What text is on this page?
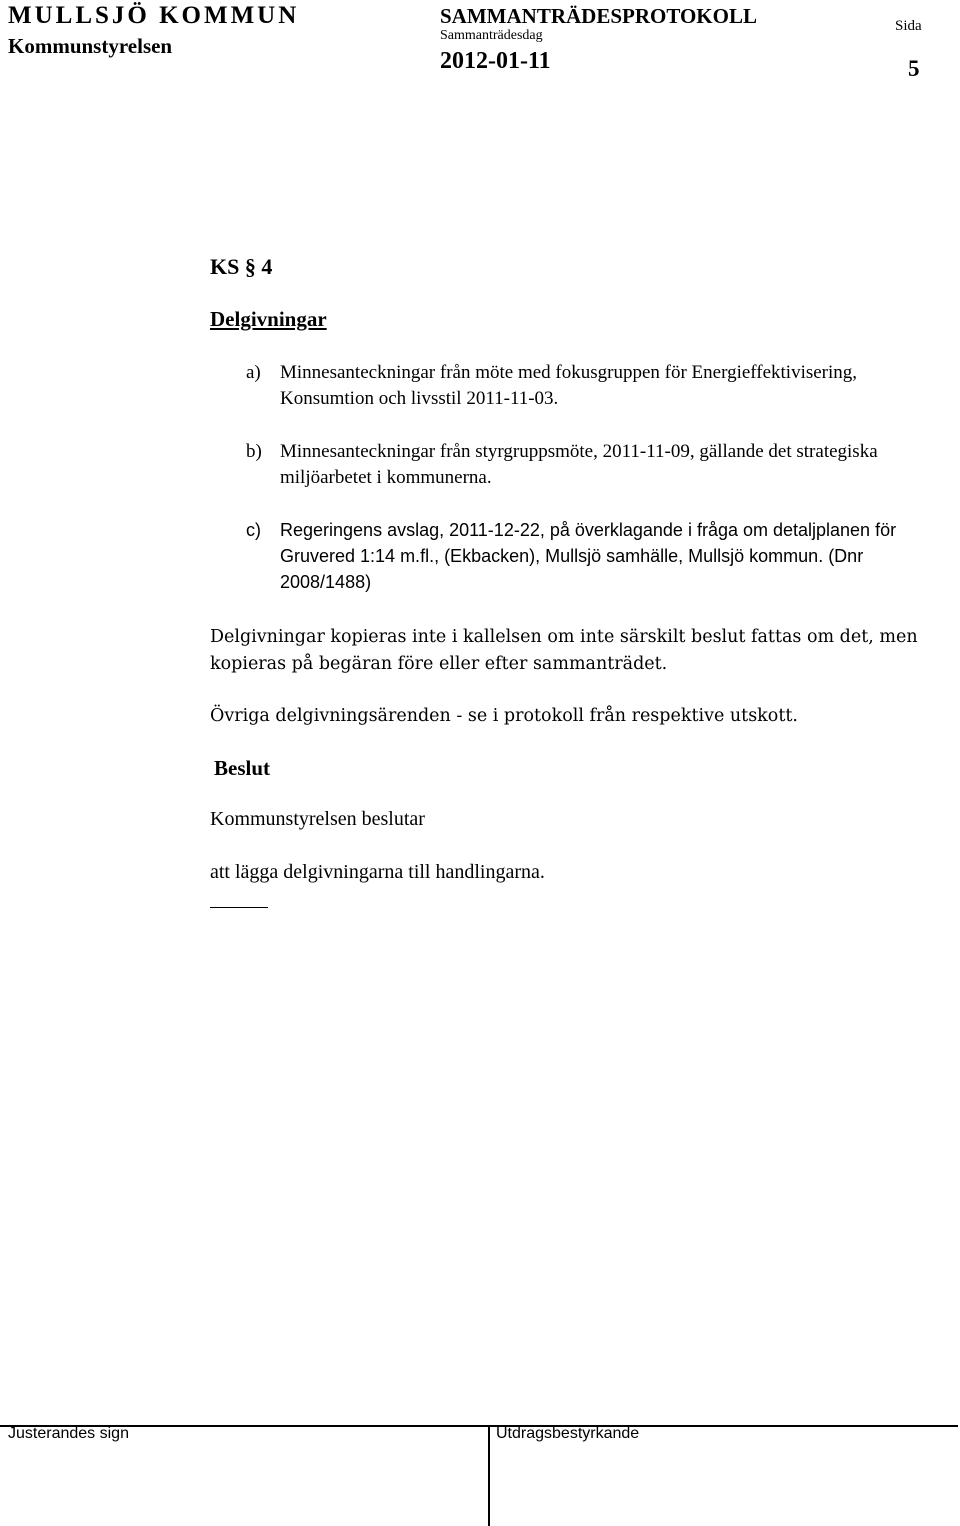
MULLSJÖ KOMMUN
Kommunstyrelsen
SAMMANTRÄDESPROTOKOLL
Sammanträdesdag
2012-01-11
Sida
5
KS § 4
Delgivningar
a) Minnesanteckningar från möte med fokusgruppen för Energieffektivisering, Konsumtion och livsstil 2011-11-03.
b) Minnesanteckningar från styrgruppsmöte, 2011-11-09, gällande det strategiska miljöarbetet i kommunerna.
c) Regeringens avslag, 2011-12-22, på överklagande i fråga om detaljplanen för Gruvered 1:14 m.fl., (Ekbacken), Mullsjö samhälle, Mullsjö kommun. (Dnr 2008/1488)
Delgivningar kopieras inte i kallelsen om inte särskilt beslut fattas om det, men kopieras på begäran före eller efter sammanträdet.
Övriga delgivningsärenden - se i protokoll från respektive utskott.
Beslut
Kommunstyrelsen beslutar
att lägga delgivningarna till handlingarna.
Justerandes sign	Utdragsbestyrkande
